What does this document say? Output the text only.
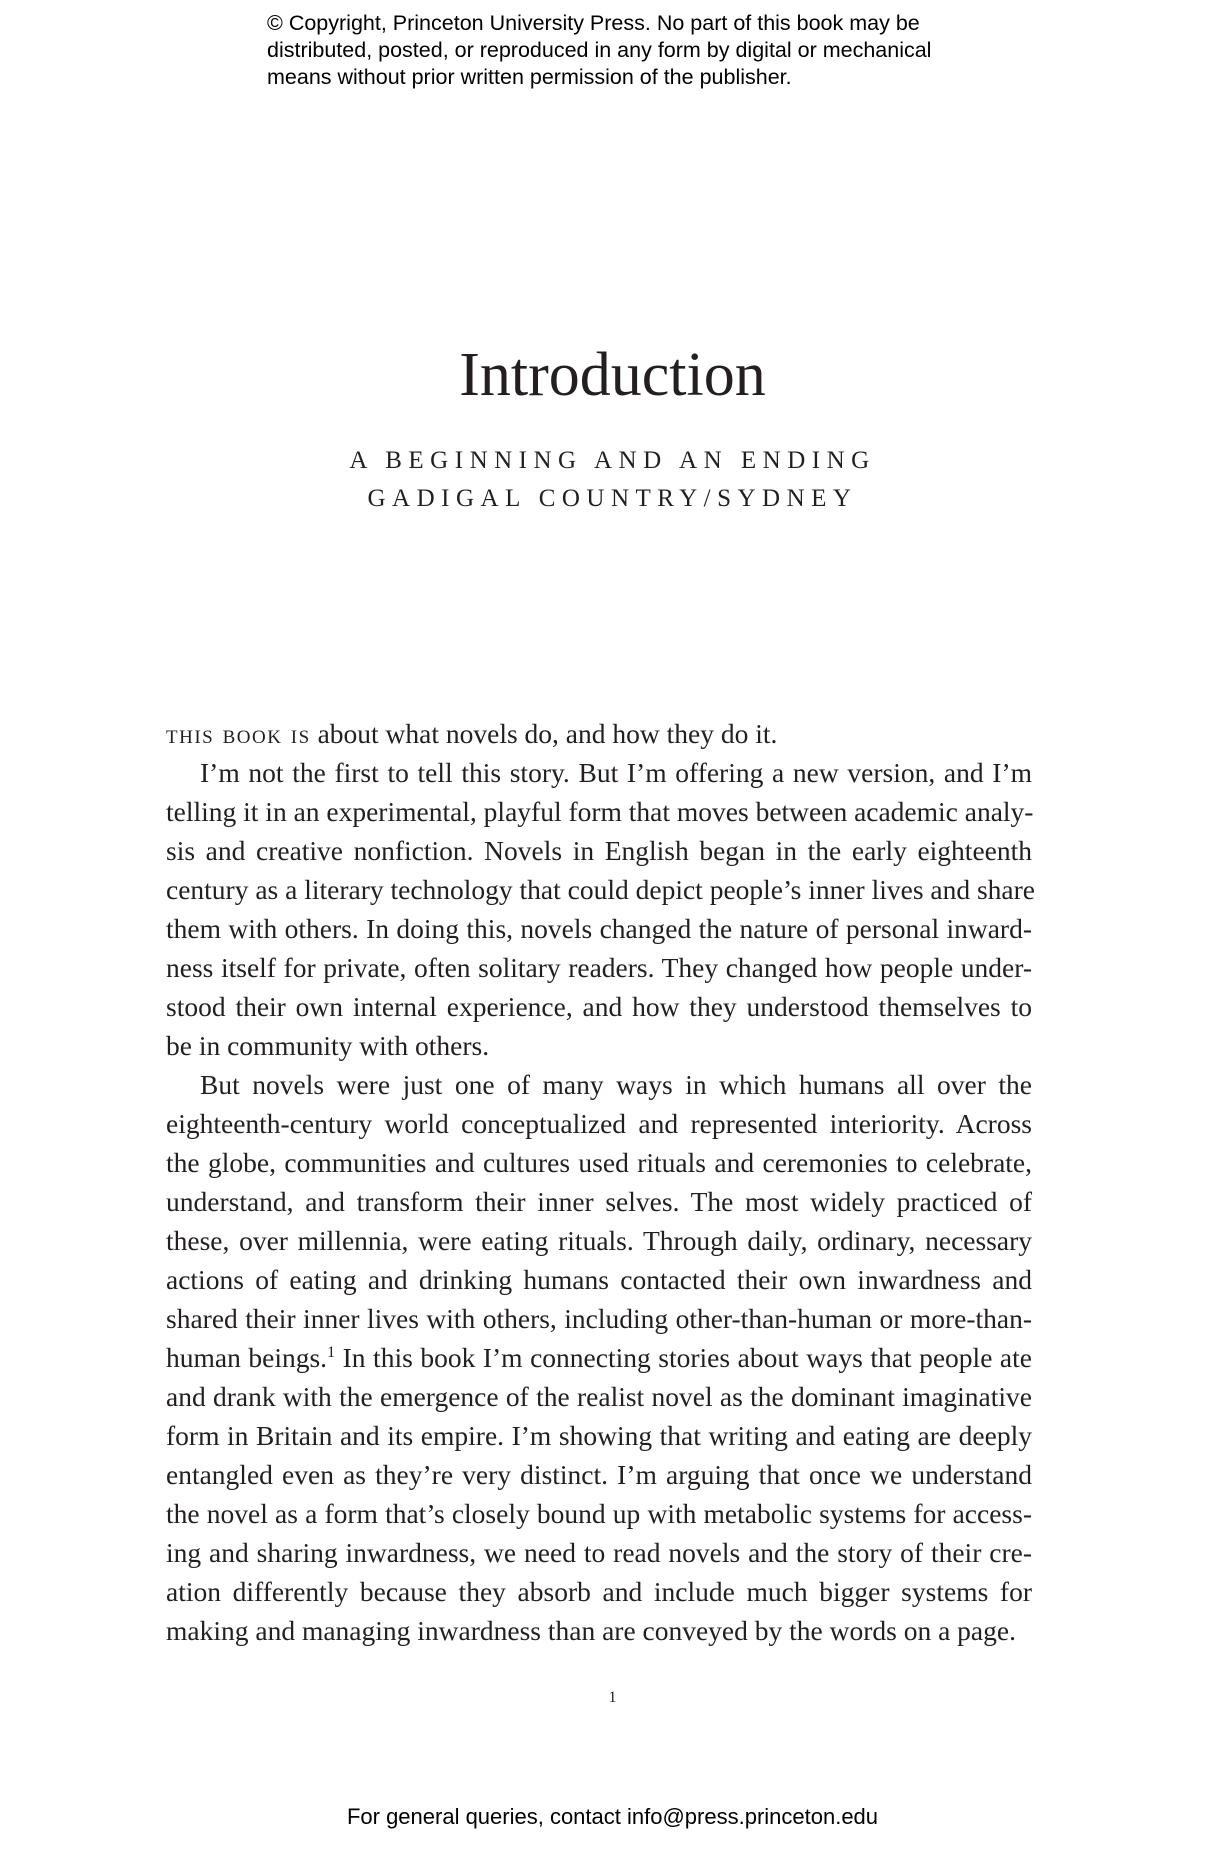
© Copyright, Princeton University Press. No part of this book may be
distributed, posted, or reproduced in any form by digital or mechanical
means without prior written permission of the publisher.
Introduction
A BEGINNING AND AN ENDING
GADIGAL COUNTRY/SYDNEY
this book is about what novels do, and how they do it.
I’m not the first to tell this story. But I’m offering a new version, and I’m
telling it in an experimental, playful form that moves between academic analy-
sis and creative nonfiction. Novels in English began in the early eighteenth
century as a literary technology that could depict people’s inner lives and share
them with others. In doing this, novels changed the nature of personal inward-
ness itself for private, often solitary readers. They changed how people under-
stood their own internal experience, and how they understood themselves to
be in community with others.
But novels were just one of many ways in which humans all over the
eighteenth-century world conceptualized and represented interiority. Across
the globe, communities and cultures used rituals and ceremonies to celebrate,
understand, and transform their inner selves. The most widely practiced of
these, over millennia, were eating rituals. Through daily, ordinary, necessary
actions of eating and drinking humans contacted their own inwardness and
shared their inner lives with others, including other-than-human or more-than-
human beings.$^1$ In this book I’m connecting stories about ways that people ate
and drank with the emergence of the realist novel as the dominant imaginative
form in Britain and its empire. I’m showing that writing and eating are deeply
entangled even as they’re very distinct. I’m arguing that once we understand
the novel as a form that’s closely bound up with metabolic systems for access-
ing and sharing inwardness, we need to read novels and the story of their cre-
ation differently because they absorb and include much bigger systems for
making and managing inwardness than are conveyed by the words on a page.
1
For general queries, contact info@press.princeton.edu
